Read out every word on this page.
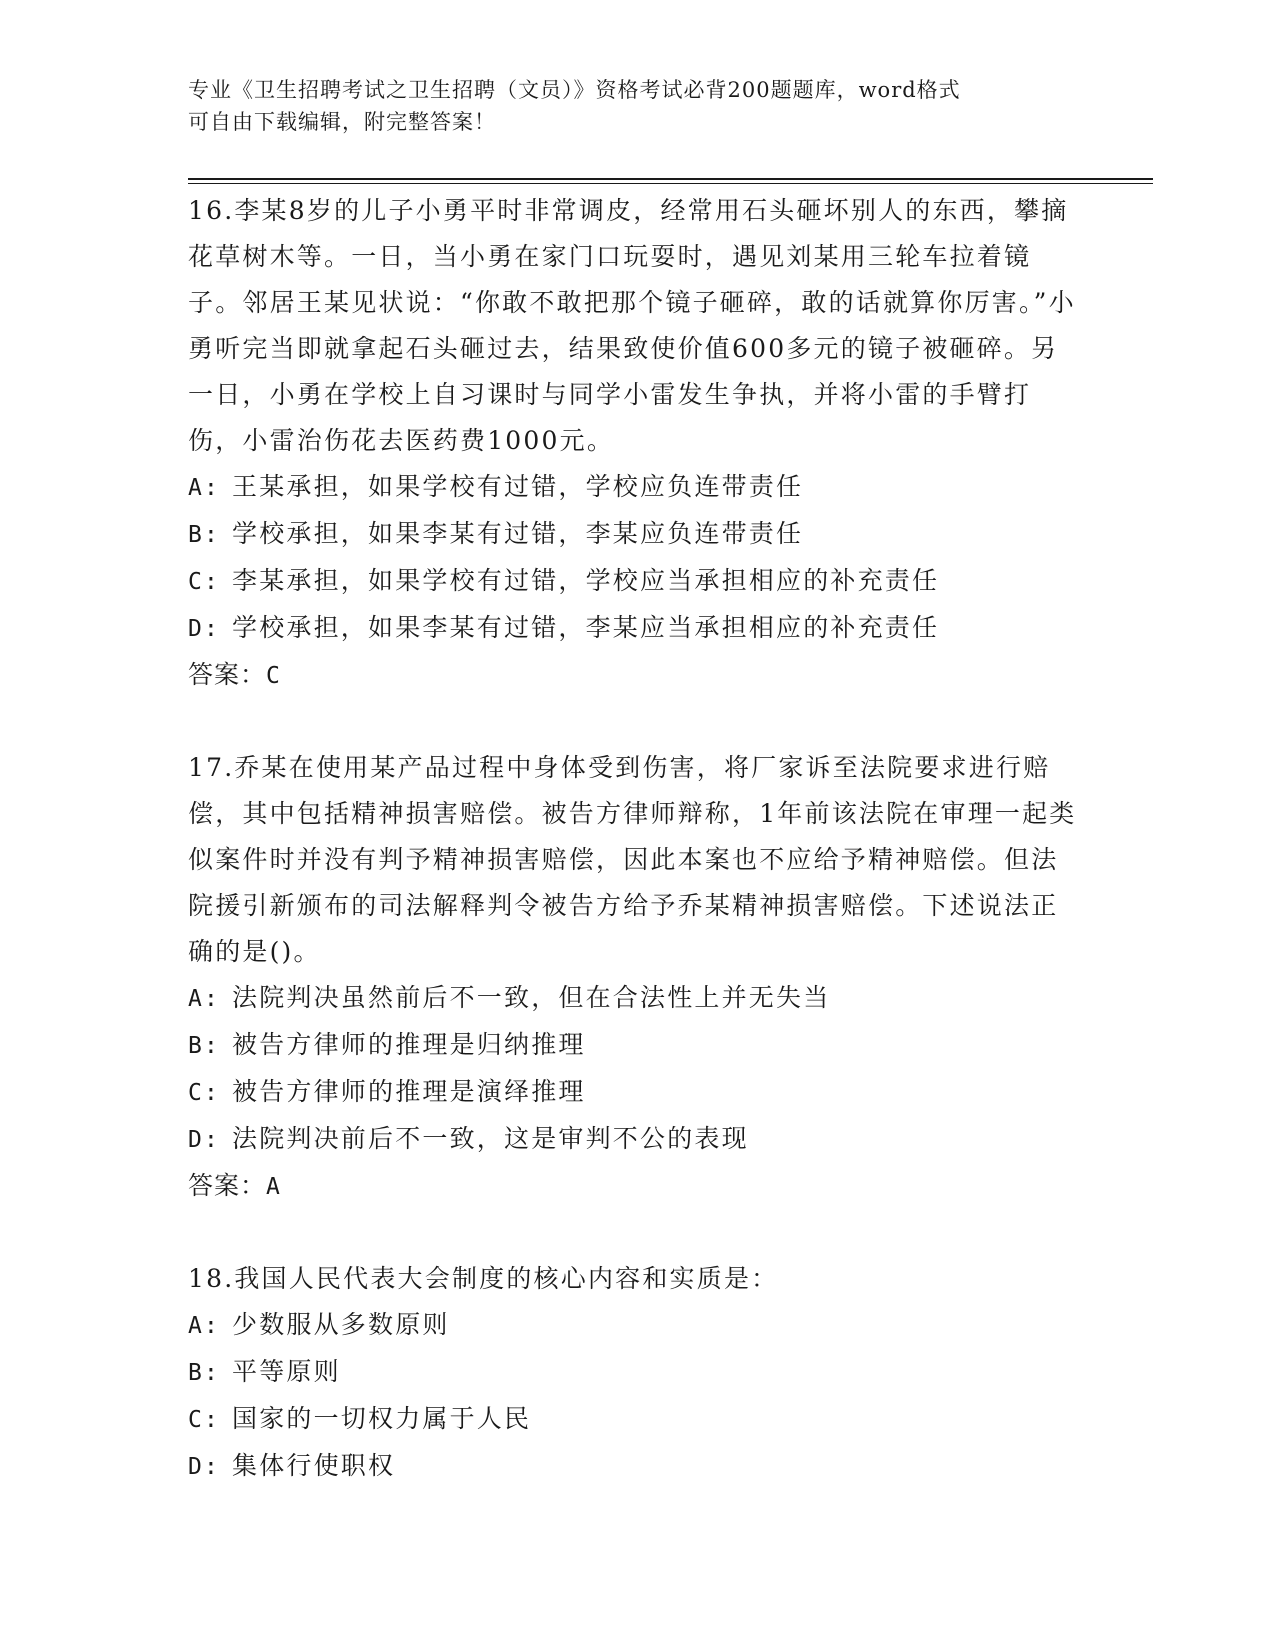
专业《卫生招聘考试之卫生招聘（文员）》资格考试必背200题题库，word格式
可自由下载编辑，附完整答案！
16.李某8岁的儿子小勇平时非常调皮，经常用石头砸坏别人的东西，攀摘花草树木等。一日，当小勇在家门口玩耍时，遇见刘某用三轮车拉着镜子。邻居王某见状说：“你敢不敢把那个镜子砸碎，敢的话就算你厉害。”小勇听完当即就拿起石头砸过去，结果致使价值600多元的镜子被砸碎。另一日，小勇在学校上自习课时与同学小雷发生争执，并将小雷的手臂打伤，小雷治伤花去医药费1000元。
A: 王某承担，如果学校有过错，学校应负连带责任
B: 学校承担，如果李某有过错，李某应负连带责任
C: 李某承担，如果学校有过错，学校应当承担相应的补充责任
D: 学校承担，如果李某有过错，李某应当承担相应的补充责任
答案：C
17.乔某在使用某产品过程中身体受到伤害，将厂家诉至法院要求进行赔偿，其中包括精神损害赔偿。被告方律师辩称，1年前该法院在审理一起类似案件时并没有判予精神损害赔偿，因此本案也不应给予精神赔偿。但法院援引新颁布的司法解释判令被告方给予乔某精神损害赔偿。下述说法正确的是()。
A: 法院判决虽然前后不一致，但在合法性上并无失当
B: 被告方律师的推理是归纳推理
C: 被告方律师的推理是演绎推理
D: 法院判决前后不一致，这是审判不公的表现
答案：A
18.我国人民代表大会制度的核心内容和实质是：
A: 少数服从多数原则
B: 平等原则
C: 国家的一切权力属于人民
D: 集体行使职权
